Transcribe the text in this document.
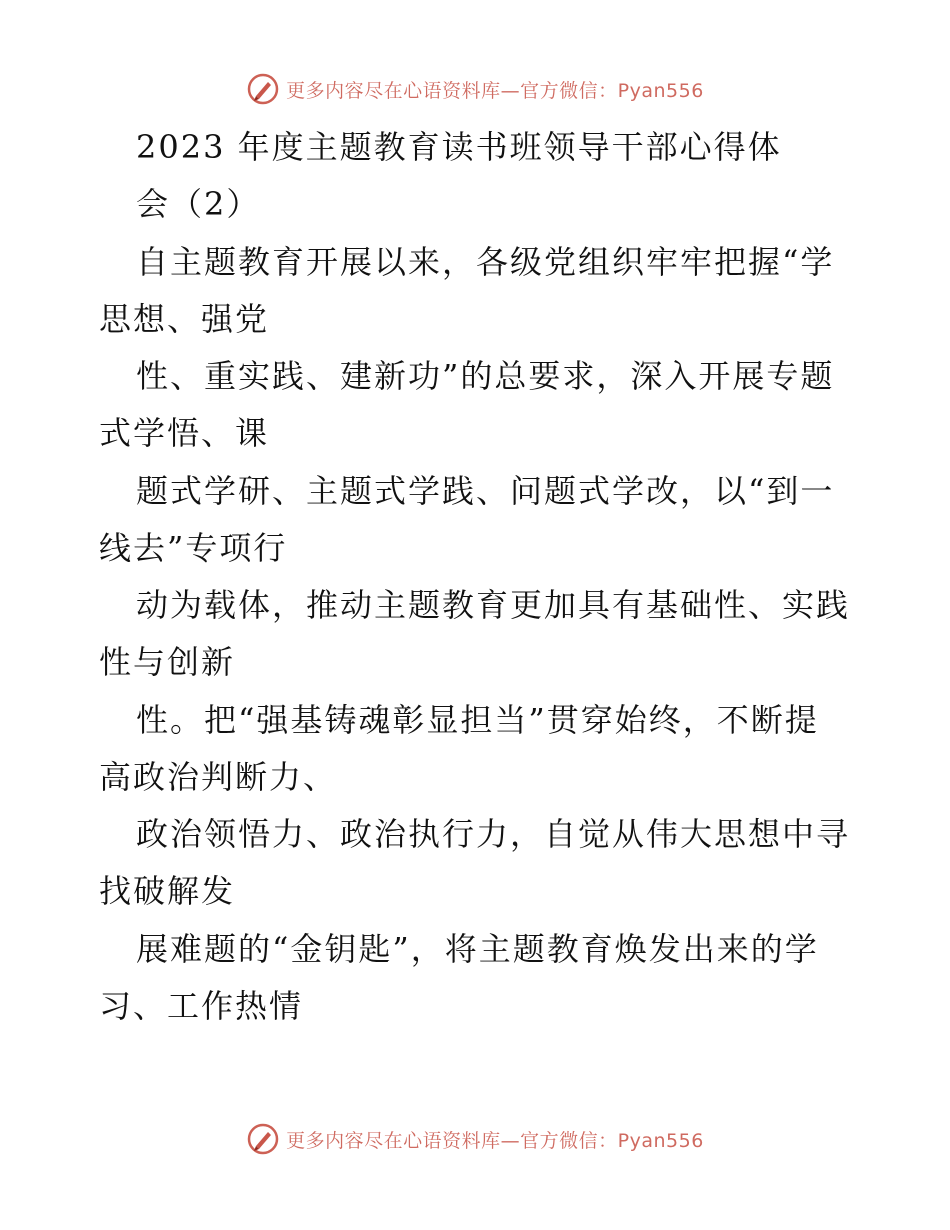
更多内容尽在心语资料库—官方微信：Pyan556
2023 年度主题教育读书班领导干部心得体
会（2）
自主题教育开展以来，各级党组织牢牢把握“学
思想、强党
性、重实践、建新功”的总要求，深入开展专题
式学悟、课
题式学研、主题式学践、问题式学改，以“到一
线去”专项行
动为载体，推动主题教育更加具有基础性、实践
性与创新
性。把“强基铸魂彰显担当”贯穿始终，不断提
高政治判断力、
政治领悟力、政治执行力，自觉从伟大思想中寻
找破解发
展难题的“金钥匙”，将主题教育焕发出来的学
习、工作热情
更多内容尽在心语资料库—官方微信：Pyan556
